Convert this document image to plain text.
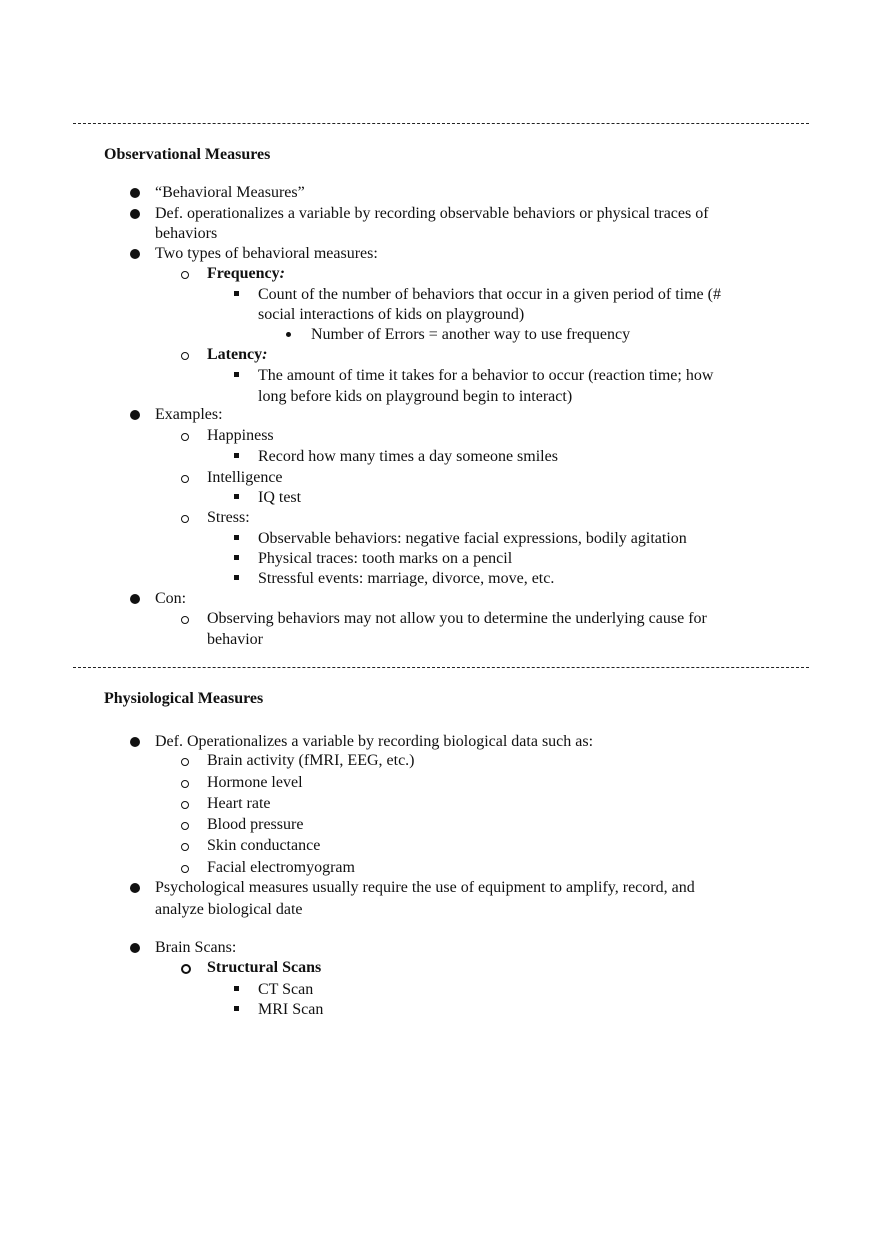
Observational Measures
“Behavioral Measures”
Def. operationalizes a variable by recording observable behaviors or physical traces of
behaviors
Two types of behavioral measures:
Frequency:
Count of the number of behaviors that occur in a given period of time (#
social interactions of kids on playground)
Number of Errors = another way to use frequency
Latency:
The amount of time it takes for a behavior to occur (reaction time; how
long before kids on playground begin to interact)
Examples:
Happiness
Record how many times a day someone smiles
Intelligence
IQ test
Stress:
Observable behaviors: negative facial expressions, bodily agitation
Physical traces: tooth marks on a pencil
Stressful events: marriage, divorce, move, etc.
Con:
Observing behaviors may not allow you to determine the underlying cause for
behavior
Physiological Measures
Def. Operationalizes a variable by recording biological data such as:
Brain activity (fMRI, EEG, etc.)
Hormone level
Heart rate
Blood pressure
Skin conductance
Facial electromyogram
Psychological measures usually require the use of equipment to amplify, record, and
analyze biological date
Brain Scans:
Structural Scans
CT Scan
MRI Scan
